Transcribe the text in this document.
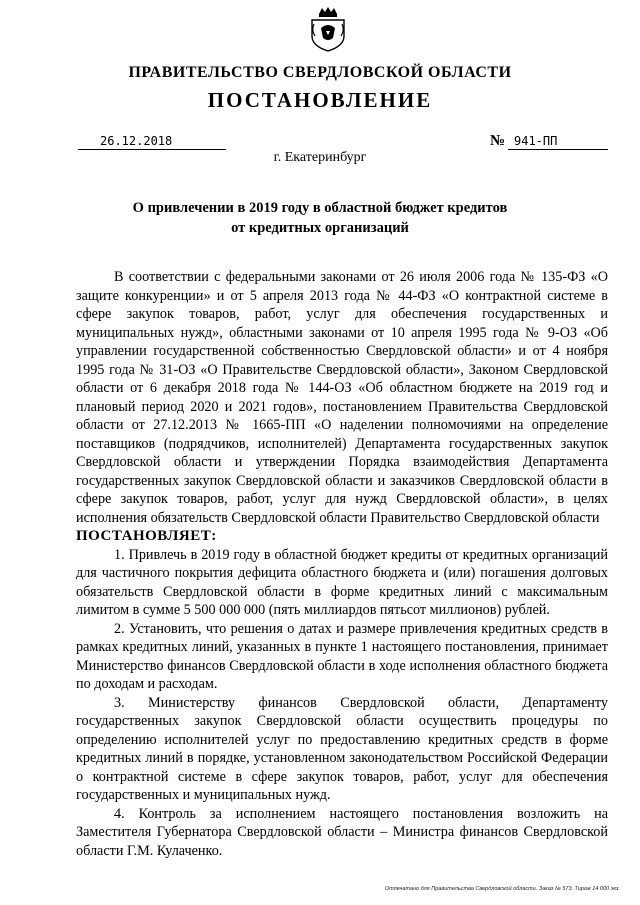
ПРАВИТЕЛЬСТВО СВЕРДЛОВСКОЙ ОБЛАСТИ
ПОСТАНОВЛЕНИЕ
26.12.2018	№ 941-ПП
г. Екатеринбург
О привлечении в 2019 году в областной бюджет кредитов
от кредитных организаций

В соответствии с федеральными законами от 26 июля 2006 года № 135-ФЗ «О защите конкуренции» и от 5 апреля 2013 года № 44-ФЗ «О контрактной системе в сфере закупок товаров, работ, услуг для обеспечения государственных и муниципальных нужд», областными законами от 10 апреля 1995 года № 9-ОЗ «Об управлении государственной собственностью Свердловской области» и от 4 ноября 1995 года № 31-ОЗ «О Правительстве Свердловской области», Законом Свердловской области от 6 декабря 2018 года № 144-ОЗ «Об областном бюджете на 2019 год и плановый период 2020 и 2021 годов», постановлением Правительства Свердловской области от 27.12.2013 № 1665-ПП «О наделении полномочиями на определение поставщиков (подрядчиков, исполнителей) Департамента государственных закупок Свердловской области и утверждении Порядка взаимодействия Департамента государственных закупок Свердловской области и заказчиков Свердловской области в сфере закупок товаров, работ, услуг для нужд Свердловской области», в целях исполнения обязательств Свердловской области Правительство Свердловской области

ПОСТАНОВЛЯЕТ:

1. Привлечь в 2019 году в областной бюджет кредиты от кредитных организаций для частичного покрытия дефицита областного бюджета и (или) погашения долговых обязательств Свердловской области в форме кредитных линий с максимальным лимитом в сумме 5 500 000 000 (пять миллиардов пятьсот миллионов) рублей.

2. Установить, что решения о датах и размере привлечения кредитных средств в рамках кредитных линий, указанных в пункте 1 настоящего постановления, принимает Министерство финансов Свердловской области в ходе исполнения областного бюджета по доходам и расходам.

3. Министерству финансов Свердловской области, Департаменту государственных закупок Свердловской области осуществить процедуры по определению исполнителей услуг по предоставлению кредитных средств в форме кредитных линий в порядке, установленном законодательством Российской Федерации о контрактной системе в сфере закупок товаров, работ, услуг для обеспечения государственных и муниципальных нужд.

4. Контроль за исполнением настоящего постановления возложить на Заместителя Губернатора Свердловской области – Министра финансов Свердловской области Г.М. Кулаченко.

Отпечатано для Правительства Свердловской области. Заказ № 573. Тираж 14 000 экз.
